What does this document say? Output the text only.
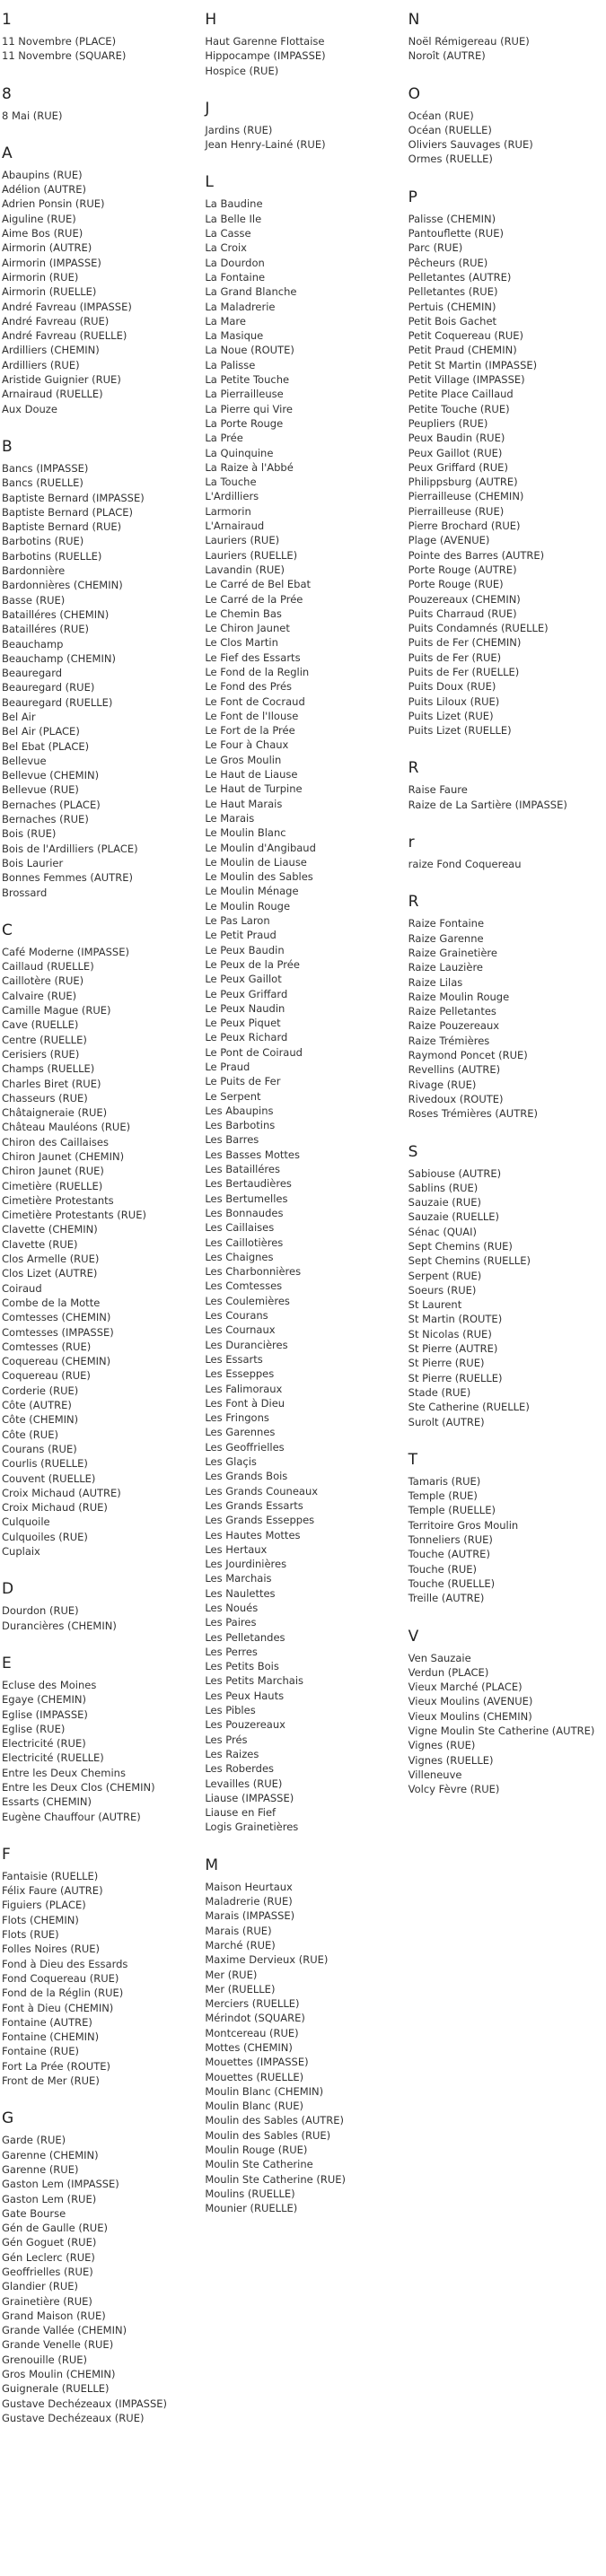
1
11 Novembre (PLACE)
11 Novembre (SQUARE)
8
8 Mai (RUE)
A
Abaupins (RUE)
Adélion (AUTRE)
Adrien Ponsin (RUE)
Aiguline (RUE)
Aime Bos (RUE)
Airmorin (AUTRE)
Airmorin (IMPASSE)
Airmorin (RUE)
Airmorin (RUELLE)
André Favreau (IMPASSE)
André Favreau (RUE)
André Favreau (RUELLE)
Ardilliers (CHEMIN)
Ardilliers (RUE)
Aristide Guignier (RUE)
Arnairaud (RUELLE)
Aux Douze
B
Bancs (IMPASSE)
Bancs (RUELLE)
Baptiste Bernard (IMPASSE)
Baptiste Bernard (PLACE)
Baptiste Bernard (RUE)
Barbotins (RUE)
Barbotins (RUELLE)
Bardonnière
Bardonnières (CHEMIN)
Basse (RUE)
Batailléres (CHEMIN)
Batailléres (RUE)
Beauchamp
Beauchamp (CHEMIN)
Beauregard
Beauregard (RUE)
Beauregard (RUELLE)
Bel Air
Bel Air (PLACE)
Bel Ebat (PLACE)
Bellevue
Bellevue (CHEMIN)
Bellevue (RUE)
Bernaches (PLACE)
Bernaches (RUE)
Bois (RUE)
Bois de l'Ardilliers (PLACE)
Bois Laurier
Bonnes Femmes (AUTRE)
Brossard
C
Café Moderne (IMPASSE)
Caillaud (RUELLE)
Caillotère (RUE)
Calvaire (RUE)
Camille Mague (RUE)
Cave (RUELLE)
Centre (RUELLE)
Cerisiers (RUE)
Champs (RUELLE)
Charles Biret (RUE)
Chasseurs (RUE)
Châtaigneraie (RUE)
Château Mauléons (RUE)
Chiron des Caillaises
Chiron Jaunet (CHEMIN)
Chiron Jaunet (RUE)
Cimetière (RUELLE)
Cimetière Protestants
Cimetière Protestants (RUE)
Clavette (CHEMIN)
Clavette (RUE)
Clos Armelle (RUE)
Clos Lizet (AUTRE)
Coiraud
Combe de la Motte
Comtesses (CHEMIN)
Comtesses (IMPASSE)
Comtesses (RUE)
Coquereau (CHEMIN)
Coquereau (RUE)
Corderie (RUE)
Côte (AUTRE)
Côte (CHEMIN)
Côte (RUE)
Courans (RUE)
Courlis (RUELLE)
Couvent (RUELLE)
Croix Michaud (AUTRE)
Croix Michaud (RUE)
Culquoile
Culquoiles (RUE)
Cuplaix
D
Dourdon (RUE)
Durancières (CHEMIN)
E
Ecluse des Moines
Egaye (CHEMIN)
Eglise (IMPASSE)
Eglise (RUE)
Electricité (RUE)
Electricité (RUELLE)
Entre les Deux Chemins
Entre les Deux Clos (CHEMIN)
Essarts (CHEMIN)
Eugène Chauffour (AUTRE)
F
Fantaisie (RUELLE)
Félix Faure (AUTRE)
Figuiers (PLACE)
Flots (CHEMIN)
Flots (RUE)
Folles Noires (RUE)
Fond à Dieu des Essards
Fond Coquereau (RUE)
Fond de la Réglin (RUE)
Font à Dieu (CHEMIN)
Fontaine (AUTRE)
Fontaine (CHEMIN)
Fontaine (RUE)
Fort La Prée (ROUTE)
Front de Mer (RUE)
G
Garde (RUE)
Garenne (CHEMIN)
Garenne (RUE)
Gaston Lem (IMPASSE)
Gaston Lem (RUE)
Gate Bourse
Gén de Gaulle (RUE)
Gén Goguet (RUE)
Gén Leclerc (RUE)
Geoffrielles (RUE)
Glandier (RUE)
Grainetière (RUE)
Grand Maison (RUE)
Grande Vallée (CHEMIN)
Grande Venelle (RUE)
Grenouille (RUE)
Gros Moulin (CHEMIN)
Guignerale (RUELLE)
Gustave Dechézeaux (IMPASSE)
Gustave Dechézeaux (RUE)
H
Haut Garenne Flottaise
Hippocampe (IMPASSE)
Hospice (RUE)
J
Jardins (RUE)
Jean Henry-Lainé (RUE)
L
La Baudine
La Belle Ile
La Casse
La Croix
La Dourdon
La Fontaine
La Grand Blanche
La Maladrerie
La Mare
La Masique
La Noue (ROUTE)
La Palisse
La Petite Touche
La Pierrailleuse
La Pierre qui Vire
La Porte Rouge
La Prée
La Quinquine
La Raize à l'Abbé
La Touche
L'Ardilliers
Larmorin
L'Arnairaud
Lauriers (RUE)
Lauriers (RUELLE)
Lavandin (RUE)
Le Carré de Bel Ebat
Le Carré de la Prée
Le Chemin Bas
Le Chiron Jaunet
Le Clos Martin
Le Fief des Essarts
Le Fond de la Reglin
Le Fond des Prés
Le Font de Cocraud
Le Font de l'Ilouse
Le Fort de la Prée
Le Four à Chaux
Le Gros Moulin
Le Haut de Liause
Le Haut de Turpine
Le Haut Marais
Le Marais
Le Moulin Blanc
Le Moulin d'Angibaud
Le Moulin de Liause
Le Moulin des Sables
Le Moulin Ménage
Le Moulin Rouge
Le Pas Laron
Le Petit Praud
Le Peux Baudin
Le Peux de la Prée
Le Peux Gaillot
Le Peux Griffard
Le Peux Naudin
Le Peux Piquet
Le Peux Richard
Le Pont de Coiraud
Le Praud
Le Puits de Fer
Le Serpent
Les Abaupins
Les Barbotins
Les Barres
Les Basses Mottes
Les Batailléres
Les Bertaudières
Les Bertumelles
Les Bonnaudes
Les Caillaises
Les Caillotières
Les Chaignes
Les Charbonnières
Les Comtesses
Les Coulemières
Les Courans
Les Cournaux
Les Durancières
Les Essarts
Les Esseppes
Les Falimoraux
Les Font à Dieu
Les Fringons
Les Garennes
Les Geoffrielles
Les Glaçis
Les Grands Bois
Les Grands Couneaux
Les Grands Essarts
Les Grands Esseppes
Les Hautes Mottes
Les Hertaux
Les Jourdinières
Les Marchais
Les Naulettes
Les Noués
Les Paires
Les Pelletandes
Les Perres
Les Petits Bois
Les Petits Marchais
Les Peux Hauts
Les Pibles
Les Pouzereaux
Les Prés
Les Raizes
Les Roberdes
Levailles (RUE)
Liause (IMPASSE)
Liause en Fief
Logis Grainetières
M
Maison Heurtaux
Maladrerie (RUE)
Marais (IMPASSE)
Marais (RUE)
Marché (RUE)
Maxime Dervieux (RUE)
Mer (RUE)
Mer (RUELLE)
Merciers (RUELLE)
Mérindot (SQUARE)
Montcereau (RUE)
Mottes (CHEMIN)
Mouettes (IMPASSE)
Mouettes (RUELLE)
Moulin Blanc (CHEMIN)
Moulin Blanc (RUE)
Moulin des Sables (AUTRE)
Moulin des Sables (RUE)
Moulin Rouge (RUE)
Moulin Ste Catherine
Moulin Ste Catherine (RUE)
Moulins (RUELLE)
Mounier (RUELLE)
N
Noël Rémigereau (RUE)
Noroît (AUTRE)
O
Océan (RUE)
Océan (RUELLE)
Oliviers Sauvages (RUE)
Ormes (RUELLE)
P
Palisse (CHEMIN)
Pantouflette (RUE)
Parc (RUE)
Pêcheurs (RUE)
Pelletantes (AUTRE)
Pelletantes (RUE)
Pertuis (CHEMIN)
Petit Bois Gachet
Petit Coquereau (RUE)
Petit Praud (CHEMIN)
Petit St Martin (IMPASSE)
Petit Village (IMPASSE)
Petite Place Caillaud
Petite Touche (RUE)
Peupliers (RUE)
Peux Baudin (RUE)
Peux Gaillot (RUE)
Peux Griffard (RUE)
Philippsburg (AUTRE)
Pierrailleuse (CHEMIN)
Pierrailleuse (RUE)
Pierre Brochard (RUE)
Plage (AVENUE)
Pointe des Barres (AUTRE)
Porte Rouge (AUTRE)
Porte Rouge (RUE)
Pouzereaux (CHEMIN)
Puits Charraud (RUE)
Puits Condamnés (RUELLE)
Puits de Fer (CHEMIN)
Puits de Fer (RUE)
Puits de Fer (RUELLE)
Puits Doux (RUE)
Puits Liloux (RUE)
Puits Lizet (RUE)
Puits Lizet (RUELLE)
R
Raise Faure
Raize de La Sartière (IMPASSE)
r
raize Fond Coquereau
R
Raize Fontaine
Raize Garenne
Raize Grainetière
Raize Lauzière
Raize Lilas
Raize Moulin Rouge
Raize Pelletantes
Raize Pouzereaux
Raize Trémières
Raymond Poncet (RUE)
Revellins (AUTRE)
Rivage (RUE)
Rivedoux (ROUTE)
Roses Trémières (AUTRE)
S
Sabiouse (AUTRE)
Sablins (RUE)
Sauzaie (RUE)
Sauzaie (RUELLE)
Sénac (QUAI)
Sept Chemins (RUE)
Sept Chemins (RUELLE)
Serpent (RUE)
Soeurs (RUE)
St Laurent
St Martin (ROUTE)
St Nicolas (RUE)
St Pierre (AUTRE)
St Pierre (RUE)
St Pierre (RUELLE)
Stade (RUE)
Ste Catherine (RUELLE)
Surolt (AUTRE)
T
Tamaris (RUE)
Temple (RUE)
Temple (RUELLE)
Territoire Gros Moulin
Tonneliers (RUE)
Touche (AUTRE)
Touche (RUE)
Touche (RUELLE)
Treille (AUTRE)
V
Ven Sauzaie
Verdun (PLACE)
Vieux Marché (PLACE)
Vieux Moulins (AVENUE)
Vieux Moulins (CHEMIN)
Vigne Moulin Ste Catherine (AUTRE)
Vignes (RUE)
Vignes (RUELLE)
Villeneuve
Volcy Fèvre (RUE)
